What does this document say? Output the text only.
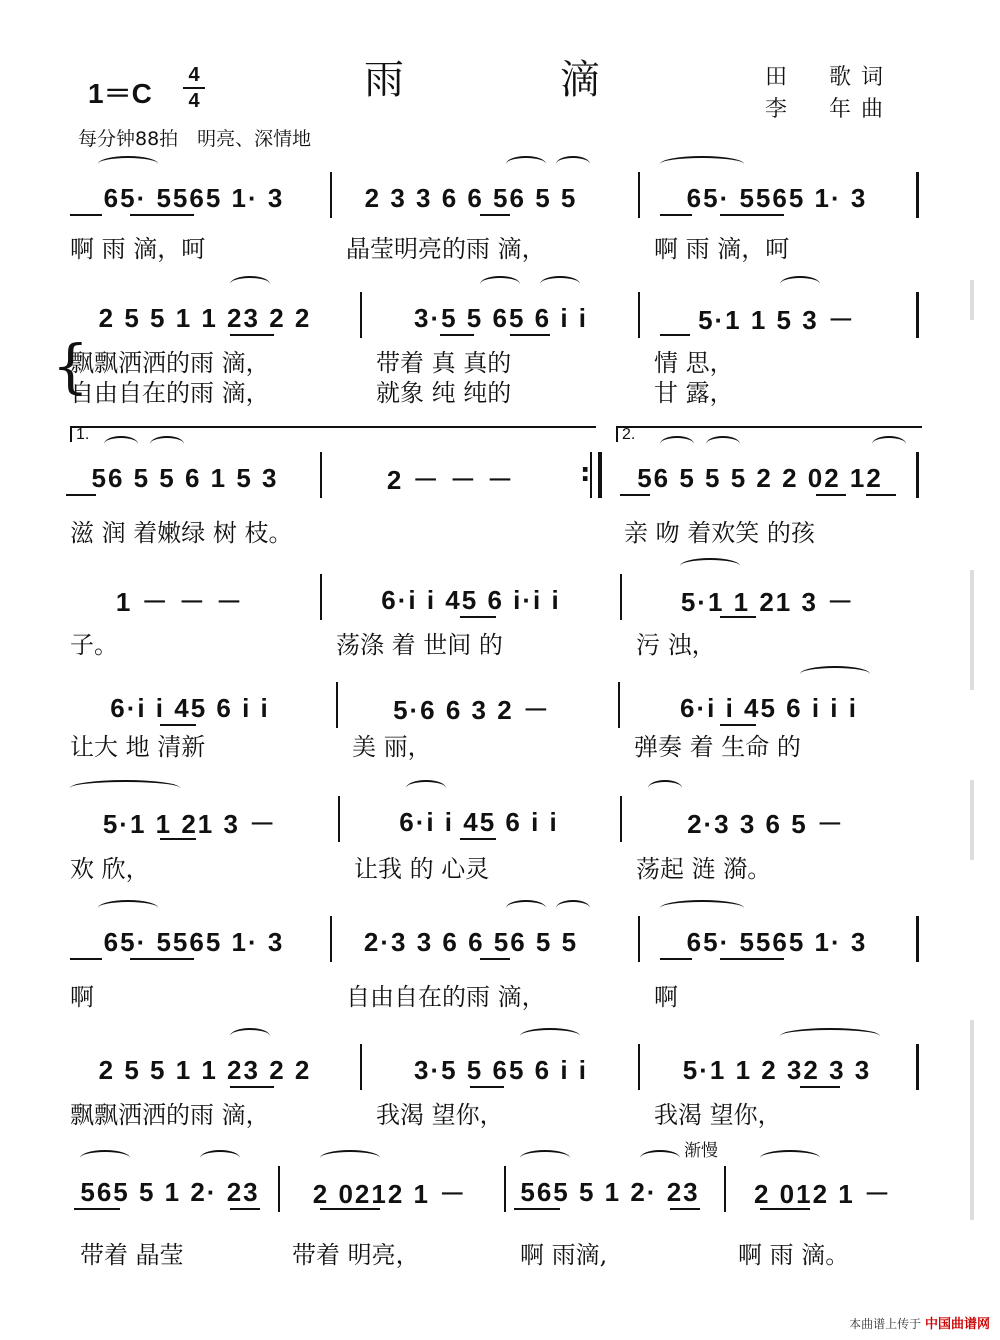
1＝C
4
4	雨	滴	田　歌词
李　年曲
每分钟88拍　明亮、深情地
65· 5565 1· 3	2 3 3 6 6 56 5 5	65· 5565 1· 3
啊 雨 滴，呵	晶莹明亮的雨 滴，	啊 雨 滴，呵
2 5 5 1 1 23 2 2	3·5 5 65 6 i i	5·1 1 5 3 －
{
飘飘洒洒的雨 滴，	带着 真 真的	情 思，
自由自在的雨 滴，	就象 纯 纯的	甘 露，
1.	2.
56 5 5 6 1 5 3	2 － － －
:	56 5 5 5 2 2 02 12
滋 润 着嫩绿 树 枝。	亲 吻 着欢笑 的孩
1 － － －	6·i i 45 6 i·i i	5·1 1 21 3 －
子。	荡涤 着 世间 的	污 浊，
6·i i 45 6 i i	5·6 6 3 2 －	6·i i 45 6 i i i
让大 地 清新	美 丽，	弹奏 着 生命 的
5·1 1 21 3 －	6·i i 45 6 i i	2·3 3 6 5 －
欢 欣，	让我 的 心灵	荡起 涟 漪。
65· 5565 1· 3	2·3 3 6 6 56 5 5	65· 5565 1· 3
啊	自由自在的雨 滴，	啊
2 5 5 1 1 23 2 2	3·5 5 65 6 i i	5·1 1 2 32 3 3
飘飘洒洒的雨 滴，	我渴 望你，	我渴 望你，
渐慢
565 5 1 2· 23	2 0212 1 －	565 5 1 2· 23	2 012 1 －
带着 晶莹	带着 明亮，	啊 雨滴,	啊 雨 滴。
本曲谱上传于 中国曲谱网
